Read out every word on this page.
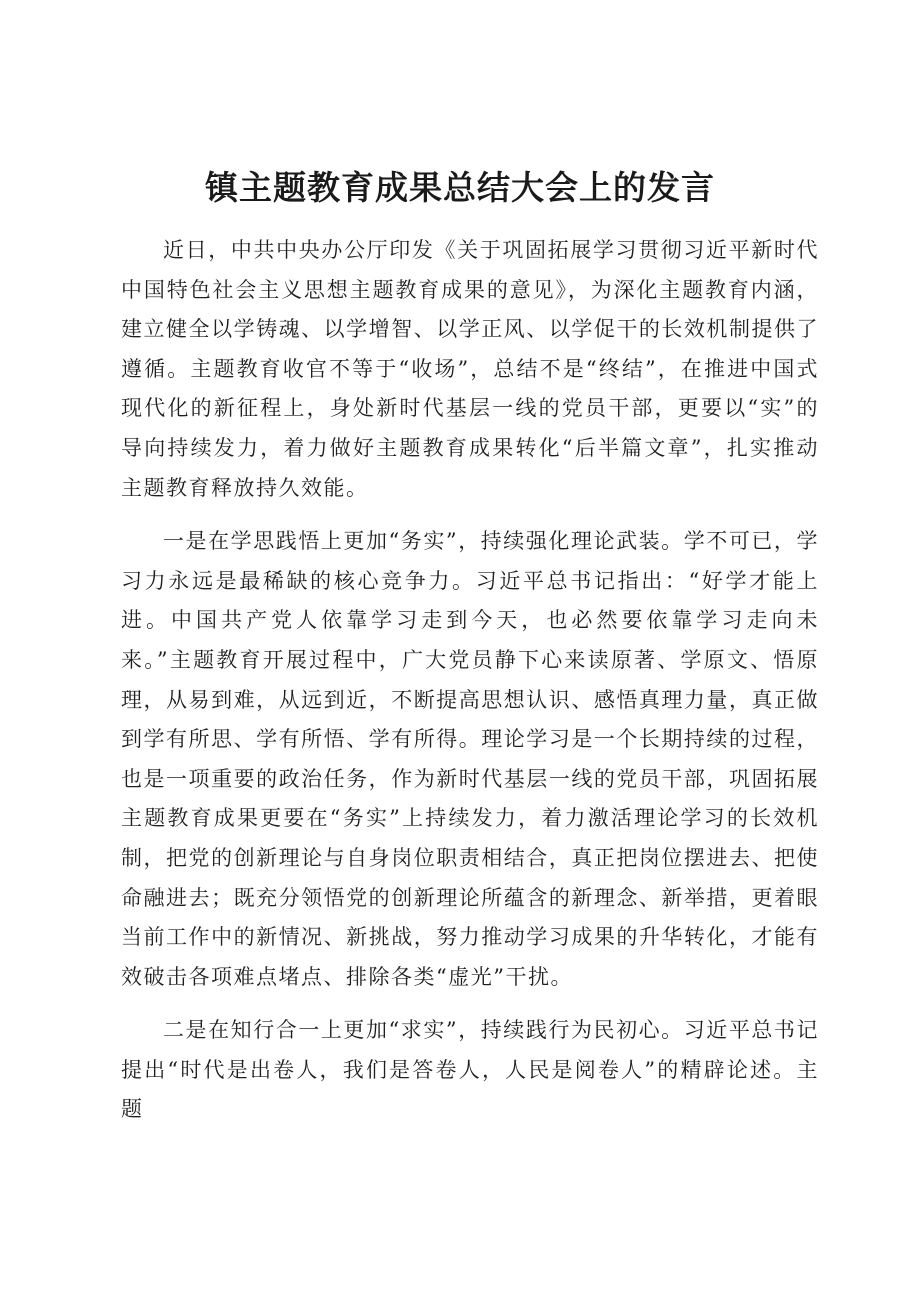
镇主题教育成果总结大会上的发言

近日，中共中央办公厅印发《关于巩固拓展学习贯彻习近平新时代中国特色社会主义思想主题教育成果的意见》，为深化主题教育内涵，建立健全以学铸魂、以学增智、以学正风、以学促干的长效机制提供了遵循。主题教育收官不等于“收场”，总结不是“终结”，在推进中国式现代化的新征程上，身处新时代基层一线的党员干部，更要以“实”的导向持续发力，着力做好主题教育成果转化“后半篇文章”，扎实推动主题教育释放持久效能。

一是在学思践悟上更加“务实”，持续强化理论武装。学不可已，学习力永远是最稀缺的核心竞争力。习近平总书记指出：“好学才能上进。中国共产党人依靠学习走到今天，也必然要依靠学习走向未来。”主题教育开展过程中，广大党员静下心来读原著、学原文、悟原理，从易到难，从远到近，不断提高思想认识、感悟真理力量，真正做到学有所思、学有所悟、学有所得。理论学习是一个长期持续的过程，也是一项重要的政治任务，作为新时代基层一线的党员干部，巩固拓展主题教育成果更要在“务实”上持续发力，着力激活理论学习的长效机制，把党的创新理论与自身岗位职责相结合，真正把岗位摆进去、把使命融进去；既充分领悟党的创新理论所蕴含的新理念、新举措，更着眼当前工作中的新情况、新挑战，努力推动学习成果的升华转化，才能有效破击各项难点堵点、排除各类“虚光”干扰。

二是在知行合一上更加“求实”，持续践行为民初心。习近平总书记提出“时代是出卷人，我们是答卷人，人民是阅卷人”的精辟论述。主题
